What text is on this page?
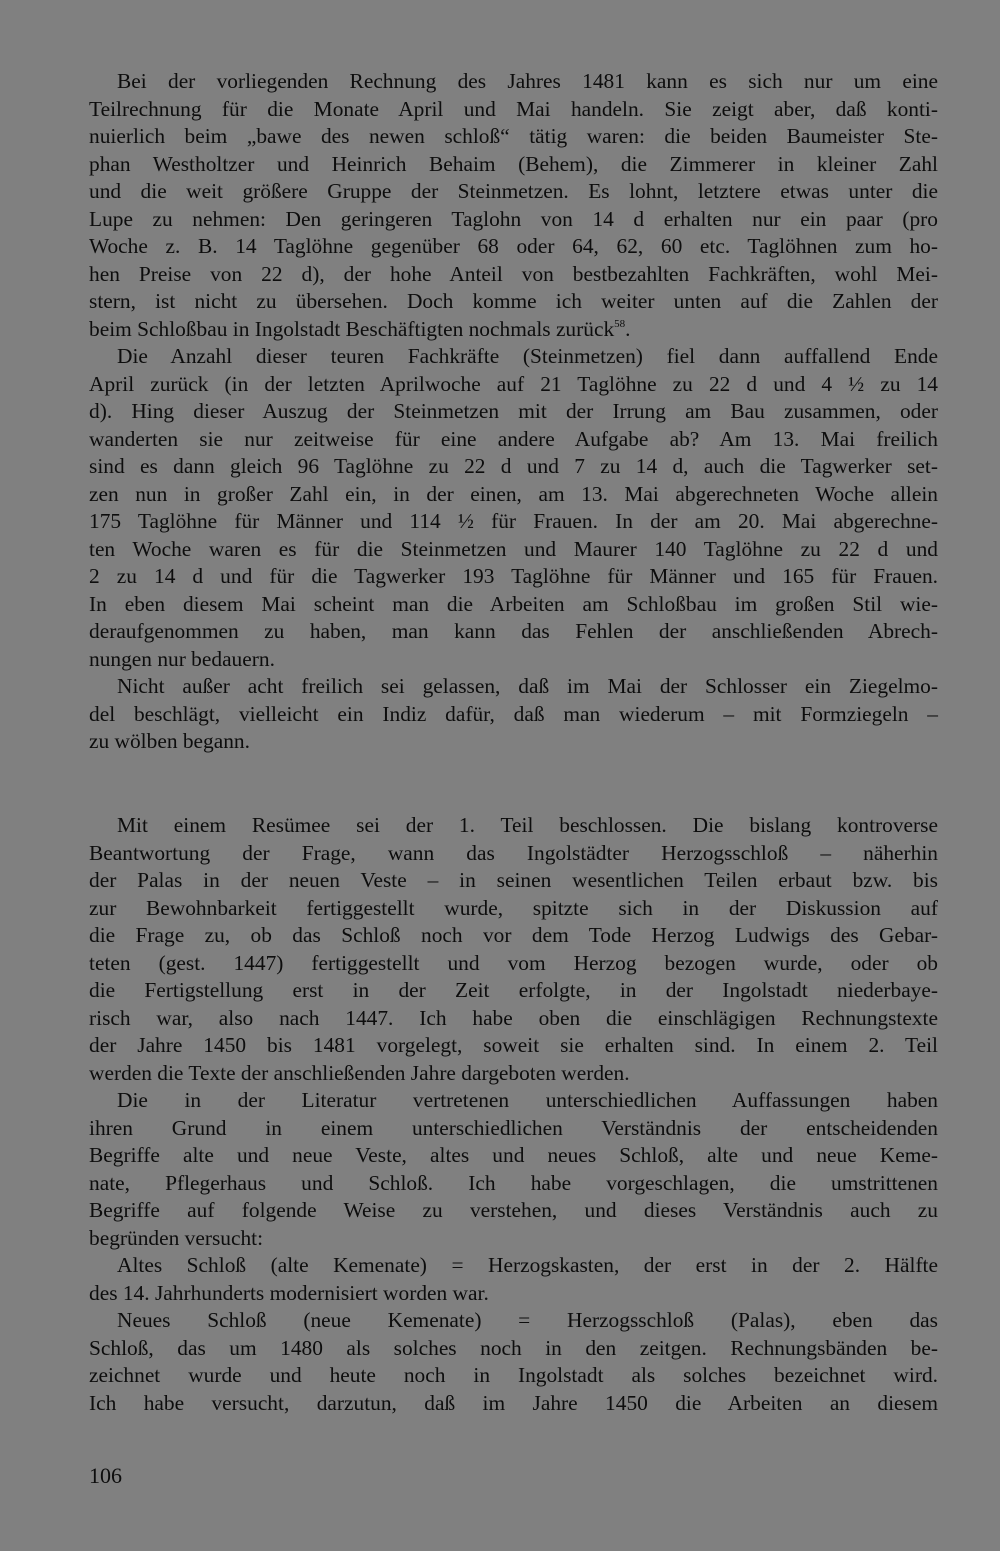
Bei der vorliegenden Rechnung des Jahres 1481 kann es sich nur um eine
Teilrechnung für die Monate April und Mai handeln. Sie zeigt aber, daß konti-
nuierlich beim „bawe des newen schloß“ tätig waren: die beiden Baumeister Ste-
phan Westholtzer und Heinrich Behaim (Behem), die Zimmerer in kleiner Zahl
und die weit größere Gruppe der Steinmetzen. Es lohnt, letztere etwas unter die
Lupe zu nehmen: Den geringeren Taglohn von 14 d erhalten nur ein paar (pro
Woche z. B. 14 Taglöhne gegenüber 68 oder 64, 62, 60 etc. Taglöhnen zum ho-
hen Preise von 22 d), der hohe Anteil von bestbezahlten Fachkräften, wohl Mei-
stern, ist nicht zu übersehen. Doch komme ich weiter unten auf die Zahlen der
beim Schloßbau in Ingolstadt Beschäftigten nochmals zurück$^{58}$.
Die Anzahl dieser teuren Fachkräfte (Steinmetzen) fiel dann auffallend Ende
April zurück (in der letzten Aprilwoche auf 21 Taglöhne zu 22 d und 4 ½ zu 14
d). Hing dieser Auszug der Steinmetzen mit der Irrung am Bau zusammen, oder
wanderten sie nur zeitweise für eine andere Aufgabe ab? Am 13. Mai freilich
sind es dann gleich 96 Taglöhne zu 22 d und 7 zu 14 d, auch die Tagwerker set-
zen nun in großer Zahl ein, in der einen, am 13. Mai abgerechneten Woche allein
175 Taglöhne für Männer und 114 ½ für Frauen. In der am 20. Mai abgerechne-
ten Woche waren es für die Steinmetzen und Maurer 140 Taglöhne zu 22 d und
2 zu 14 d und für die Tagwerker 193 Taglöhne für Männer und 165 für Frauen.
In eben diesem Mai scheint man die Arbeiten am Schloßbau im großen Stil wie-
deraufgenommen zu haben, man kann das Fehlen der anschließenden Abrech-
nungen nur bedauern.
Nicht außer acht freilich sei gelassen, daß im Mai der Schlosser ein Ziegelmo-
del beschlägt, vielleicht ein Indiz dafür, daß man wiederum – mit Formziegeln –
zu wölben begann.
Mit einem Resümee sei der 1. Teil beschlossen. Die bislang kontroverse
Beantwortung der Frage, wann das Ingolstädter Herzogsschloß – näherhin
der Palas in der neuen Veste – in seinen wesentlichen Teilen erbaut bzw. bis
zur Bewohnbarkeit fertiggestellt wurde, spitzte sich in der Diskussion auf
die Frage zu, ob das Schloß noch vor dem Tode Herzog Ludwigs des Gebar-
teten (gest. 1447) fertiggestellt und vom Herzog bezogen wurde, oder ob
die Fertigstellung erst in der Zeit erfolgte, in der Ingolstadt niederbaye-
risch war, also nach 1447. Ich habe oben die einschlägigen Rechnungstexte
der Jahre 1450 bis 1481 vorgelegt, soweit sie erhalten sind. In einem 2. Teil
werden die Texte der anschließenden Jahre dargeboten werden.
Die in der Literatur vertretenen unterschiedlichen Auffassungen haben
ihren Grund in einem unterschiedlichen Verständnis der entscheidenden
Begriffe alte und neue Veste, altes und neues Schloß, alte und neue Keme-
nate, Pflegerhaus und Schloß. Ich habe vorgeschlagen, die umstrittenen
Begriffe auf folgende Weise zu verstehen, und dieses Verständnis auch zu
begründen versucht:
Altes Schloß (alte Kemenate) = Herzogskasten, der erst in der 2. Hälfte
des 14. Jahrhunderts modernisiert worden war.
Neues Schloß (neue Kemenate) = Herzogsschloß (Palas), eben das
Schloß, das um 1480 als solches noch in den zeitgen. Rechnungsbänden be-
zeichnet wurde und heute noch in Ingolstadt als solches bezeichnet wird.
Ich habe versucht, darzutun, daß im Jahre 1450 die Arbeiten an diesem
106
